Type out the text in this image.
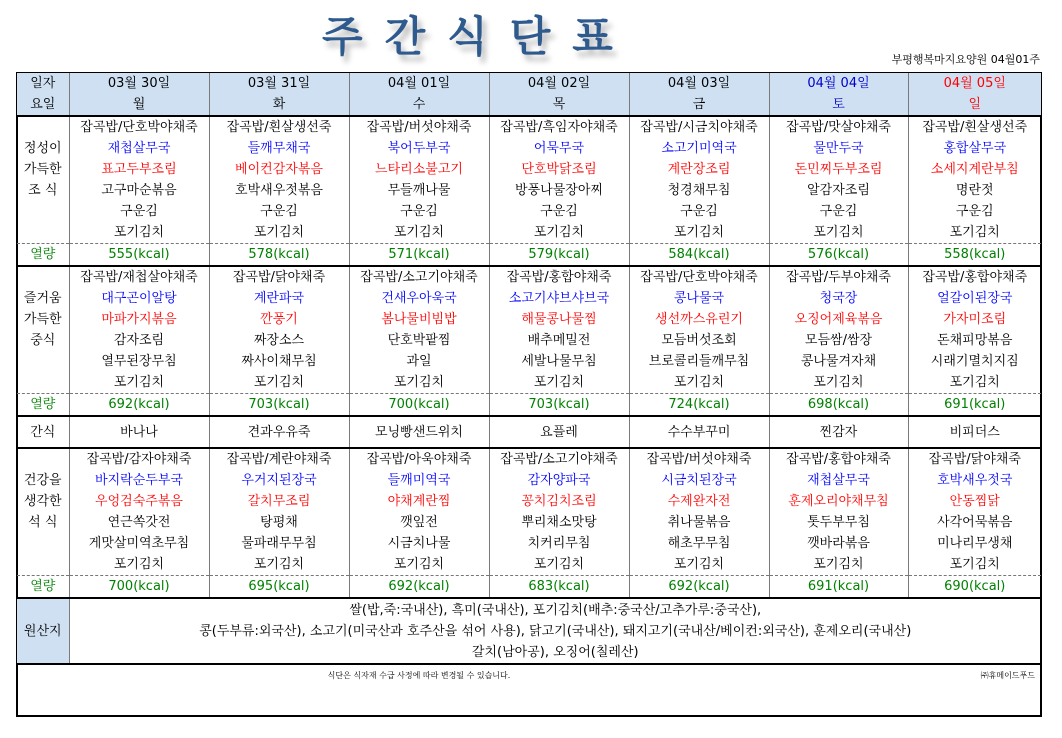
주간식단표	부평행복마지요양원 04월01주
일자	03월 30일	03월 31일	04월 01일	04월 02일	04월 03일	04월 04일	04월 05일
요일	월	화	수	목	금	토	일
	잡곡밥/단호박야채죽	잡곡밥/흰살생선죽	잡곡밥/버섯야채죽	잡곡밥/흑임자야채죽	잡곡밥/시금치야채죽	잡곡밥/맛살야채죽	잡곡밥/흰살생선죽
정성이	재첩살무국	들깨무채국	북어두부국	어묵무국	소고기미역국	물만두국	홍합살무국
가득한	표고두부조림	베이컨감자볶음	느타리소불고기	단호박닭조림	계란장조림	돈민찌두부조림	소세지계란부침
조 식	고구마순볶음	호박새우젓볶음	무들깨나물	방풍나물장아찌	청경채무침	알감자조림	명란젓
	구운김	구운김	구운김	구운김	구운김	구운김	구운김
	포기김치	포기김치	포기김치	포기김치	포기김치	포기김치	포기김치
열량	555(kcal)	578(kcal)	571(kcal)	579(kcal)	584(kcal)	576(kcal)	558(kcal)
	잡곡밥/재첩살야채죽	잡곡밥/닭야채죽	잡곡밥/소고기야채죽	잡곡밥/홍합야채죽	잡곡밥/단호박야채죽	잡곡밥/두부야채죽	잡곡밥/홍합야채죽
즐거움	대구곤이알탕	계란파국	건새우아욱국	소고기샤브샤브국	콩나물국	청국장	얼갈이된장국
가득한	마파가지볶음	깐풍기	봄나물비빔밥	해물콩나물찜	생선까스유린기	오징어제육볶음	가자미조림
중식	감자조림	짜장소스	단호박팥찜	배추메밀전	모듬버섯조회	모듬쌈/쌈장	돈채피망볶음
	열무된장무침	짜사이채무침	과일	세발나물무침	브로콜리들깨무침	콩나물겨자채	시래기멸치지짐
	포기김치	포기김치	포기김치	포기김치	포기김치	포기김치	포기김치
열량	692(kcal)	703(kcal)	700(kcal)	703(kcal)	724(kcal)	698(kcal)	691(kcal)
간식	바나나	견과우유죽	모닝빵샌드위치	요플레	수수부꾸미	찐감자	비피더스
	잡곡밥/감자야채죽	잡곡밥/계란야채죽	잡곡밥/아욱야채죽	잡곡밥/소고기야채죽	잡곡밥/버섯야채죽	잡곡밥/홍합야채죽	잡곡밥/닭야채죽
건강을	바지락순두부국	우거지된장국	들깨미역국	감자양파국	시금치된장국	재첩살무국	호박새우젓국
생각한	우엉검숙주볶음	갈치무조림	야채계란찜	꽁치김치조림	수제완자전	훈제오리야채무침	안동찜닭
석 식	연근쏙갓전	탕평채	깻잎전	뿌리채소맛탕	취나물볶음	톳두부무침	사각어묵볶음
	게맛살미역초무침	물파래무무침	시금치나물	치커리무침	해초무무침	깻바라볶음	미나리무생채
	포기김치	포기김치	포기김치	포기김치	포기김치	포기김치	포기김치
열량	700(kcal)	695(kcal)	692(kcal)	683(kcal)	692(kcal)	691(kcal)	690(kcal)
원산지	쌀(밥,죽:국내산), 흑미(국내산), 포기김치(배추:중국산/고추가루:중국산),
콩(두부류:외국산), 소고기(미국산과 호주산을 섞어 사용), 닭고기(국내산), 돼지고기(국내산/베이컨:외국산), 훈제오리(국내산)
갈치(남아공), 오징어(칠레산)						

	식단은 식자재 수급 사정에 따라 변경될 수 있습니다.					㈜휴메이드푸드	
